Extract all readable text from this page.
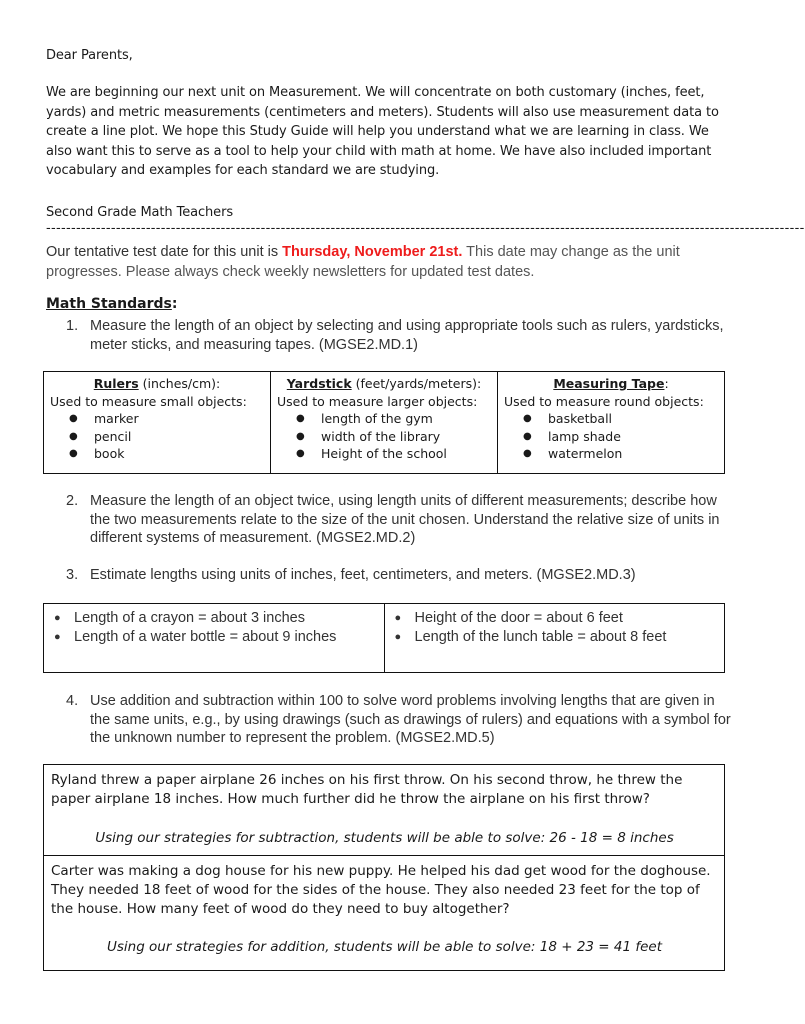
Dear Parents,
We are beginning our next unit on Measurement. We will concentrate on both customary (inches, feet, yards) and metric measurements (centimeters and meters). Students will also use measurement data to create a line plot. We hope this Study Guide will help you understand what we are learning in class. We also want this to serve as a tool to help your child with math at home. We have also included important vocabulary and examples for each standard we are studying.
Second Grade Math Teachers
--------------------------------------------------------------------------------------------------------------------------------------------------------
Our tentative test date for this unit is Thursday, November 21st. This date may change as the unit progresses. Please always check weekly newsletters for updated test dates.
Math Standards:
1. Measure the length of an object by selecting and using appropriate tools such as rulers, yardsticks, meter sticks, and measuring tapes. (MGSE2.MD.1)
Rulers (inches/cm):
Used to measure small objects:
● marker
● pencil
● book

Yardstick (feet/yards/meters):
Used to measure larger objects:
● length of the gym
● width of the library
● Height of the school

Measuring Tape:
Used to measure round objects:
● basketball
● lamp shade
● watermelon
2. Measure the length of an object twice, using length units of different measurements; describe how the two measurements relate to the size of the unit chosen. Understand the relative size of units in different systems of measurement. (MGSE2.MD.2)
3. Estimate lengths using units of inches, feet, centimeters, and meters. (MGSE2.MD.3)
● Length of a crayon = about 3 inches
● Length of a water bottle = about 9 inches

● Height of the door = about 6 feet
● Length of the lunch table = about 8 feet
4. Use addition and subtraction within 100 to solve word problems involving lengths that are given in the same units, e.g., by using drawings (such as drawings of rulers) and equations with a symbol for the unknown number to represent the problem. (MGSE2.MD.5)
Ryland threw a paper airplane 26 inches on his first throw. On his second throw, he threw the paper airplane 18 inches. How much further did he throw the airplane on his first throw?
Using our strategies for subtraction, students will be able to solve: 26 - 18 = 8 inches

Carter was making a dog house for his new puppy. He helped his dad get wood for the doghouse. They needed 18 feet of wood for the sides of the house. They also needed 23 feet for the top of the house. How many feet of wood do they need to buy altogether?
Using our strategies for addition, students will be able to solve: 18 + 23 = 41 feet
